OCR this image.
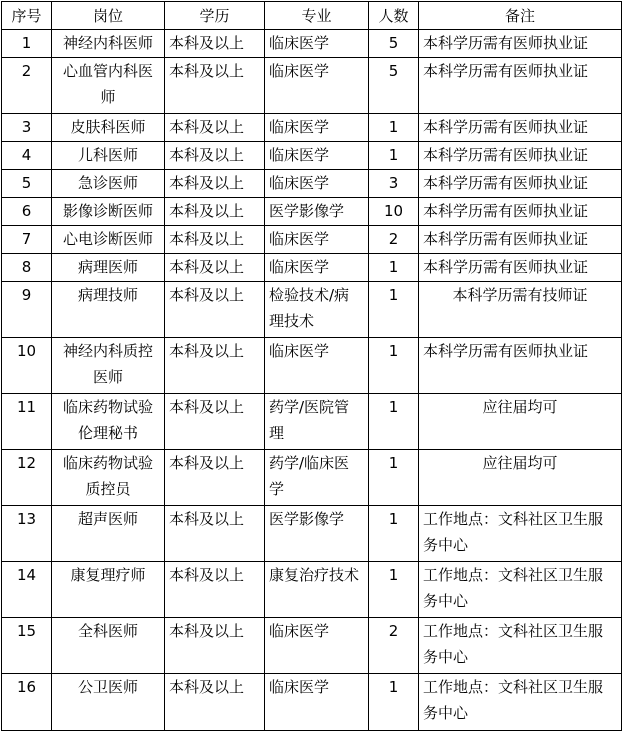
序号	岗位	学历	专业	人数	备注
1	神经内科医师	本科及以上	临床医学	5	本科学历需有医师执业证
2	心血管内科医师	本科及以上	临床医学	5	本科学历需有医师执业证
3	皮肤科医师	本科及以上	临床医学	1	本科学历需有医师执业证
4	儿科医师	本科及以上	临床医学	1	本科学历需有医师执业证
5	急诊医师	本科及以上	临床医学	3	本科学历需有医师执业证
6	影像诊断医师	本科及以上	医学影像学	10	本科学历需有医师执业证
7	心电诊断医师	本科及以上	临床医学	2	本科学历需有医师执业证
8	病理医师	本科及以上	临床医学	1	本科学历需有医师执业证
9	病理技师	本科及以上	检验技术/病理技术	1	本科学历需有技师证
10	神经内科质控医师	本科及以上	临床医学	1	本科学历需有医师执业证
11	临床药物试验伦理秘书	本科及以上	药学/医院管理	1	应往届均可
12	临床药物试验质控员	本科及以上	药学/临床医学	1	应往届均可
13	超声医师	本科及以上	医学影像学	1	工作地点：文科社区卫生服务中心
14	康复理疗师	本科及以上	康复治疗技术	1	工作地点：文科社区卫生服务中心
15	全科医师	本科及以上	临床医学	2	工作地点：文科社区卫生服务中心
16	公卫医师	本科及以上	临床医学	1	工作地点：文科社区卫生服务中心
